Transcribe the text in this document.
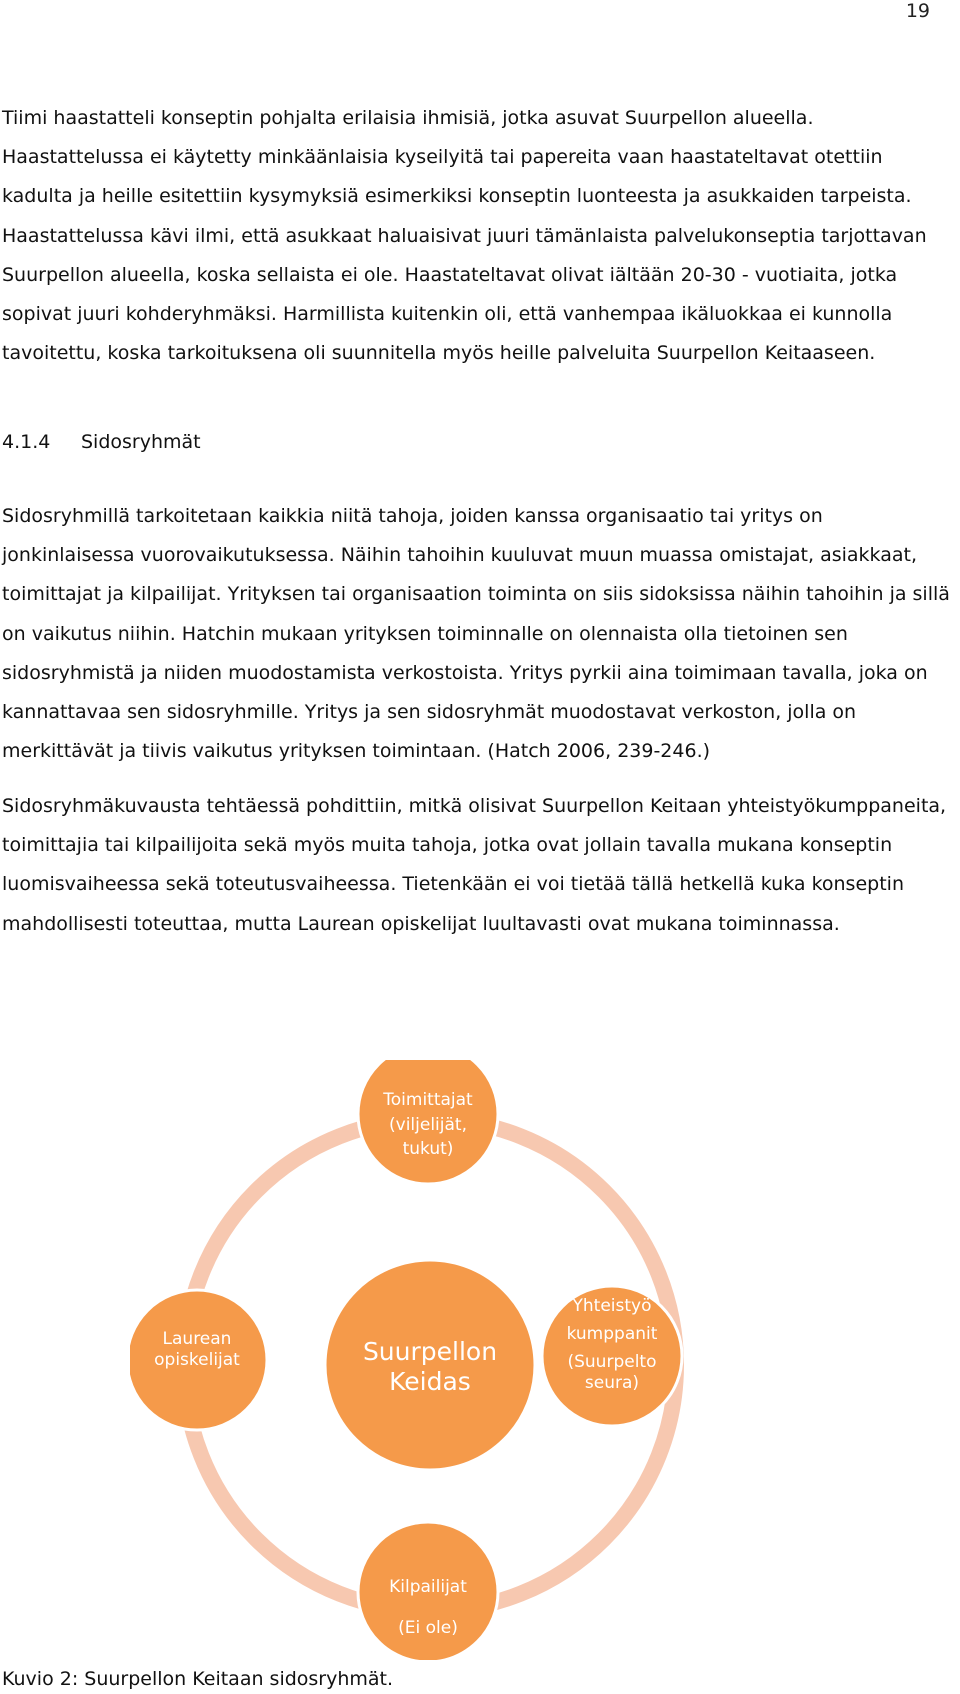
19

Tiimi haastatteli konseptin pohjalta erilaisia ihmisiä, jotka asuvat Suurpellon alueella. Haastattelussa ei käytetty minkäänlaisia kyseilyitä tai papereita vaan haastateltavat otettiin kadulta ja heille esitettiin kysymyksiä esimerkiksi konseptin luonteesta ja asukkaiden tarpeista. Haastattelussa kävi ilmi, että asukkaat haluaisivat juuri tämänlaista palvelukonseptia tarjottavan Suurpellon alueella, koska sellaista ei ole. Haastateltavat olivat iältään 20-30 - vuotiaita, jotka sopivat juuri kohderyhmäksi. Harmillista kuitenkin oli, että vanhempaa ikäluokkaa ei kunnolla tavoitettu, koska tarkoituksena oli suunnitella myös heille palveluita Suurpellon Keitaaseen.

4.1.4 Sidosryhmät

Sidosryhmillä tarkoitetaan kaikkia niitä tahoja, joiden kanssa organisaatio tai yritys on jonkinlaisessa vuorovaikutuksessa. Näihin tahoihin kuuluvat muun muassa omistajat, asiakkaat, toimittajat ja kilpailijat. Yrityksen tai organisaation toiminta on siis sidoksissa näihin tahoihin ja sillä on vaikutus niihin. Hatchin mukaan yrityksen toiminnalle on olennaista olla tietoinen sen sidosryhmistä ja niiden muodostamista verkostoista. Yritys pyrkii aina toimimaan tavalla, joka on kannattavaa sen sidosryhmille. Yritys ja sen sidosryhmät muodostavat verkoston, jolla on merkittävät ja tiivis vaikutus yrityksen toimintaan. (Hatch 2006, 239-246.)

Sidosryhmäkuvausta tehtäessä pohdittiin, mitkä olisivat Suurpellon Keitaan yhteistyökumppaneita, toimittajia tai kilpailijoita sekä myös muita tahoja, jotka ovat jollain tavalla mukana konseptin luomisvaiheessa sekä toteutusvaiheessa. Tietenkään ei voi tietää tällä hetkellä kuka konseptin mahdollisesti toteuttaa, mutta Laurean opiskelijat luultavasti ovat mukana toiminnassa.

Suurpellon
Keidas
Toimittajat
(viljelijät,
tukut)
Yhteistyö
kumppanit
(Suurpelto
seura)
Kilpailijat
(Ei ole)
Laurean
opiskelijat
Kuvio 2: Suurpellon Keitaan sidosryhmät.
